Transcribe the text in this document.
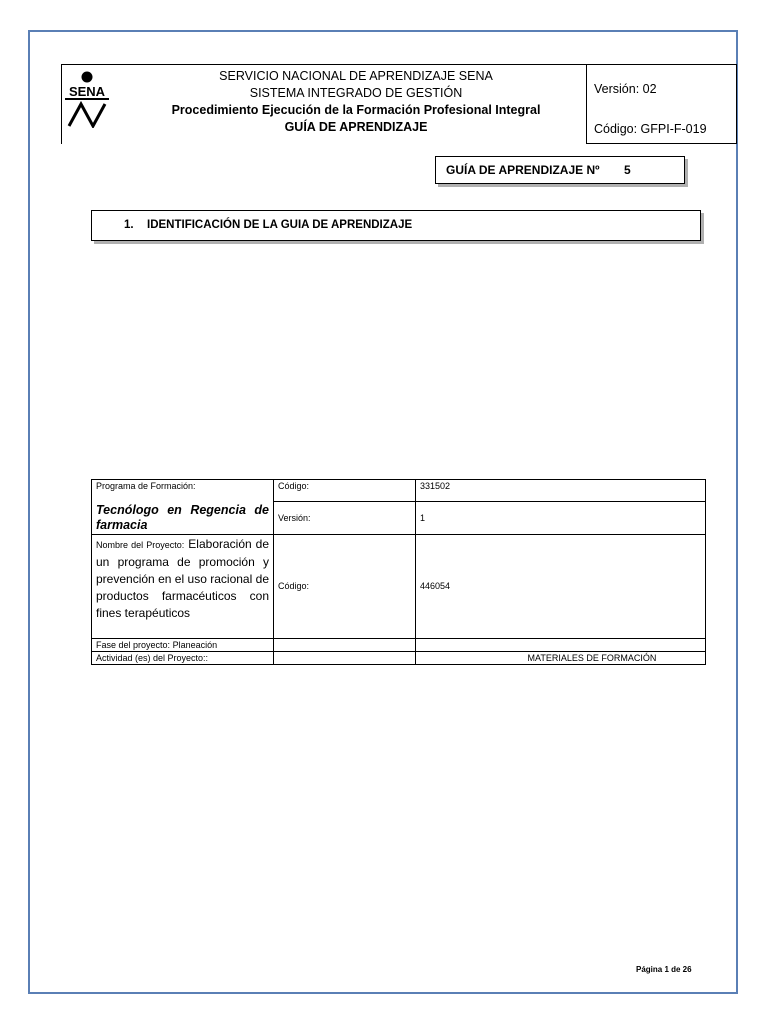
SENA
SERVICIO NACIONAL DE APRENDIZAJE SENA
SISTEMA INTEGRADO DE GESTIÓN
Procedimiento Ejecución de la Formación Profesional Integral
GUÍA DE APRENDIZAJE
Versión: 02
Código: GFPI-F-019
GUÍA DE APRENDIZAJE Nº 5
1. IDENTIFICACIÓN DE LA GUIA DE APRENDIZAJE
Programa de Formación:	Código:	331502	

Tecnólogo en Regencia de farmacia	Versión:	1	

Nombre del Proyecto: Elaboración de un programa de promoción y prevención en el uso racional de productos farmacéuticos con fines terapéuticos	Código:	446054	
Fase del proyecto: Planeación			
Actividad (es) del Proyecto::			MATERIALES DE FORMACIÓN
Página 1 de 26
